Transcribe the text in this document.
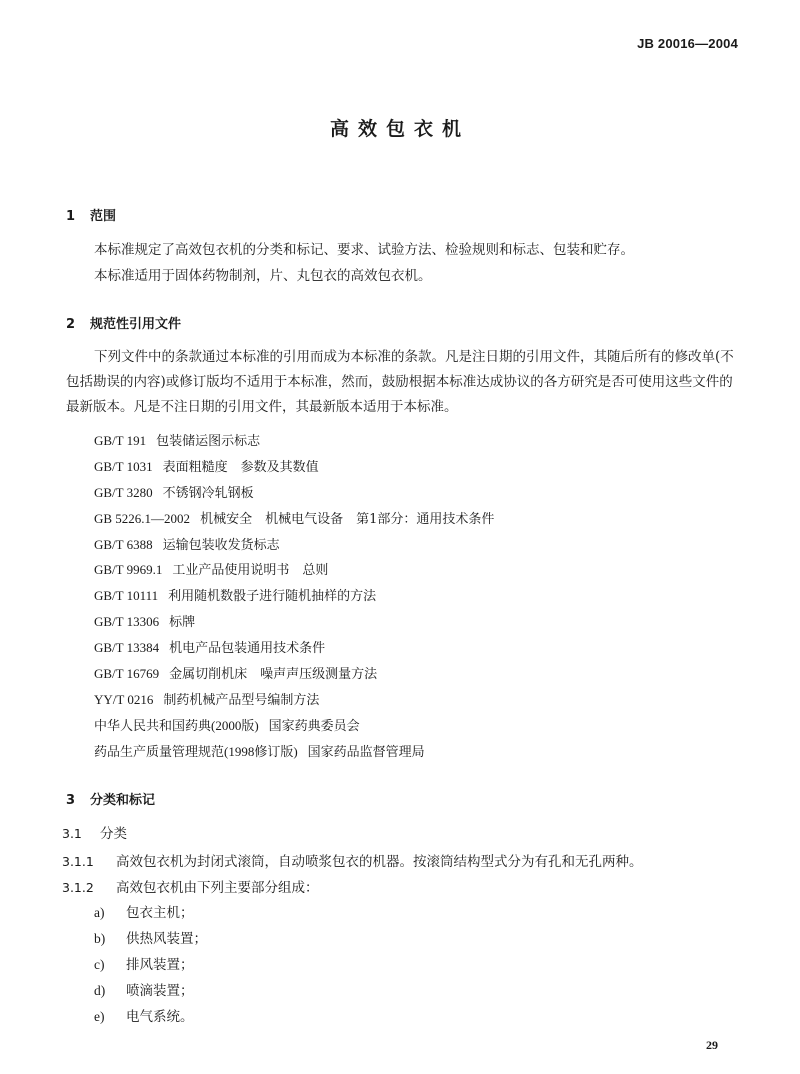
JB 20016—2004
高效包衣机
1 范围
本标准规定了高效包衣机的分类和标记、要求、试验方法、检验规则和标志、包装和贮存。
本标准适用于固体药物制剂，片、丸包衣的高效包衣机。
2 规范性引用文件
下列文件中的条款通过本标准的引用而成为本标准的条款。凡是注日期的引用文件，其随后所有的修改单(不包括勘误的内容)或修订版均不适用于本标准，然而，鼓励根据本标准达成协议的各方研究是否可使用这些文件的最新版本。凡是不注日期的引用文件，其最新版本适用于本标准。
GB/T 191 包装储运图示标志
GB/T 1031 表面粗糙度　参数及其数值
GB/T 3280 不锈钢冷轧钢板
GB 5226.1—2002 机械安全　机械电气设备　第1部分：通用技术条件
GB/T 6388 运输包装收发货标志
GB/T 9969.1 工业产品使用说明书　总则
GB/T 10111 利用随机数骰子进行随机抽样的方法
GB/T 13306 标牌
GB/T 13384 机电产品包装通用技术条件
GB/T 16769 金属切削机床　噪声声压级测量方法
YY/T 0216 制药机械产品型号编制方法
中华人民共和国药典(2000版) 国家药典委员会
药品生产质量管理规范(1998修订版) 国家药品监督管理局
3 分类和标记
3.1 分类
3.1.1 高效包衣机为封闭式滚筒，自动喷浆包衣的机器。按滚筒结构型式分为有孔和无孔两种。
3.1.2 高效包衣机由下列主要部分组成：
a) 包衣主机；
b) 供热风装置；
c) 排风装置；
d) 喷滴装置；
e) 电气系统。
29
